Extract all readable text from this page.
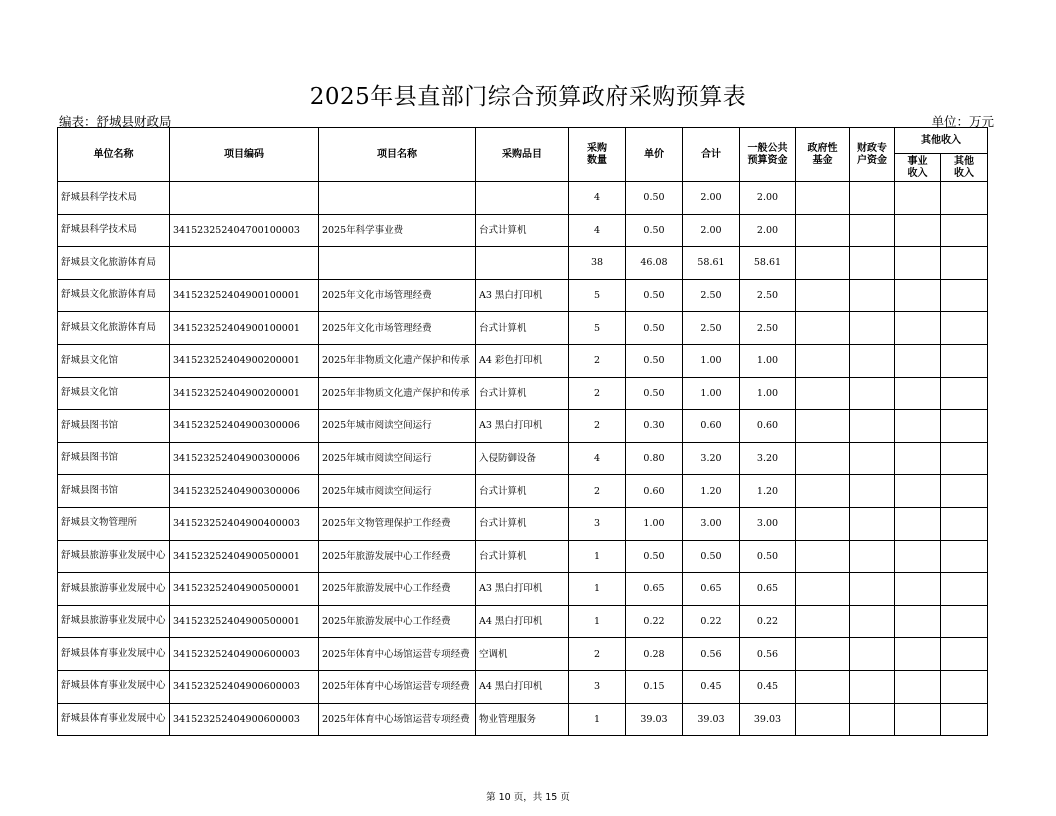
2025年县直部门综合预算政府采购预算表
编表：舒城县财政局	单位：万元
单位名称	项目编码	项目名称	采购品目	采购数量	单价	合计	一般公共预算资金	政府性基金	财政专户资金	其他收入	
										事业收入	其他收入
舒城县科学技术局				4	0.50	2.00	2.00				
舒城县科学技术局	341523252404700100003	2025年科学事业费	台式计算机	4	0.50	2.00	2.00				
舒城县文化旅游体育局				38	46.08	58.61	58.61				
舒城县文化旅游体育局	341523252404900100001	2025年文化市场管理经费	A3 黑白打印机	5	0.50	2.50	2.50				
舒城县文化旅游体育局	341523252404900100001	2025年文化市场管理经费	台式计算机	5	0.50	2.50	2.50				
舒城县文化馆	341523252404900200001	2025年非物质文化遗产保护和传承	A4 彩色打印机	2	0.50	1.00	1.00				
舒城县文化馆	341523252404900200001	2025年非物质文化遗产保护和传承	台式计算机	2	0.50	1.00	1.00				
舒城县图书馆	341523252404900300006	2025年城市阅读空间运行	A3 黑白打印机	2	0.30	0.60	0.60				
舒城县图书馆	341523252404900300006	2025年城市阅读空间运行	入侵防御设备	4	0.80	3.20	3.20				
舒城县图书馆	341523252404900300006	2025年城市阅读空间运行	台式计算机	2	0.60	1.20	1.20				
舒城县文物管理所	341523252404900400003	2025年文物管理保护工作经费	台式计算机	3	1.00	3.00	3.00				
舒城县旅游事业发展中心	341523252404900500001	2025年旅游发展中心工作经费	台式计算机	1	0.50	0.50	0.50				
舒城县旅游事业发展中心	341523252404900500001	2025年旅游发展中心工作经费	A3 黑白打印机	1	0.65	0.65	0.65				
舒城县旅游事业发展中心	341523252404900500001	2025年旅游发展中心工作经费	A4 黑白打印机	1	0.22	0.22	0.22				
舒城县体育事业发展中心	341523252404900600003	2025年体育中心场馆运营专项经费	空调机	2	0.28	0.56	0.56				
舒城县体育事业发展中心	341523252404900600003	2025年体育中心场馆运营专项经费	A4 黑白打印机	3	0.15	0.45	0.45				
舒城县体育事业发展中心	341523252404900600003	2025年体育中心场馆运营专项经费	物业管理服务	1	39.03	39.03	39.03				
第 10 页，共 15 页
